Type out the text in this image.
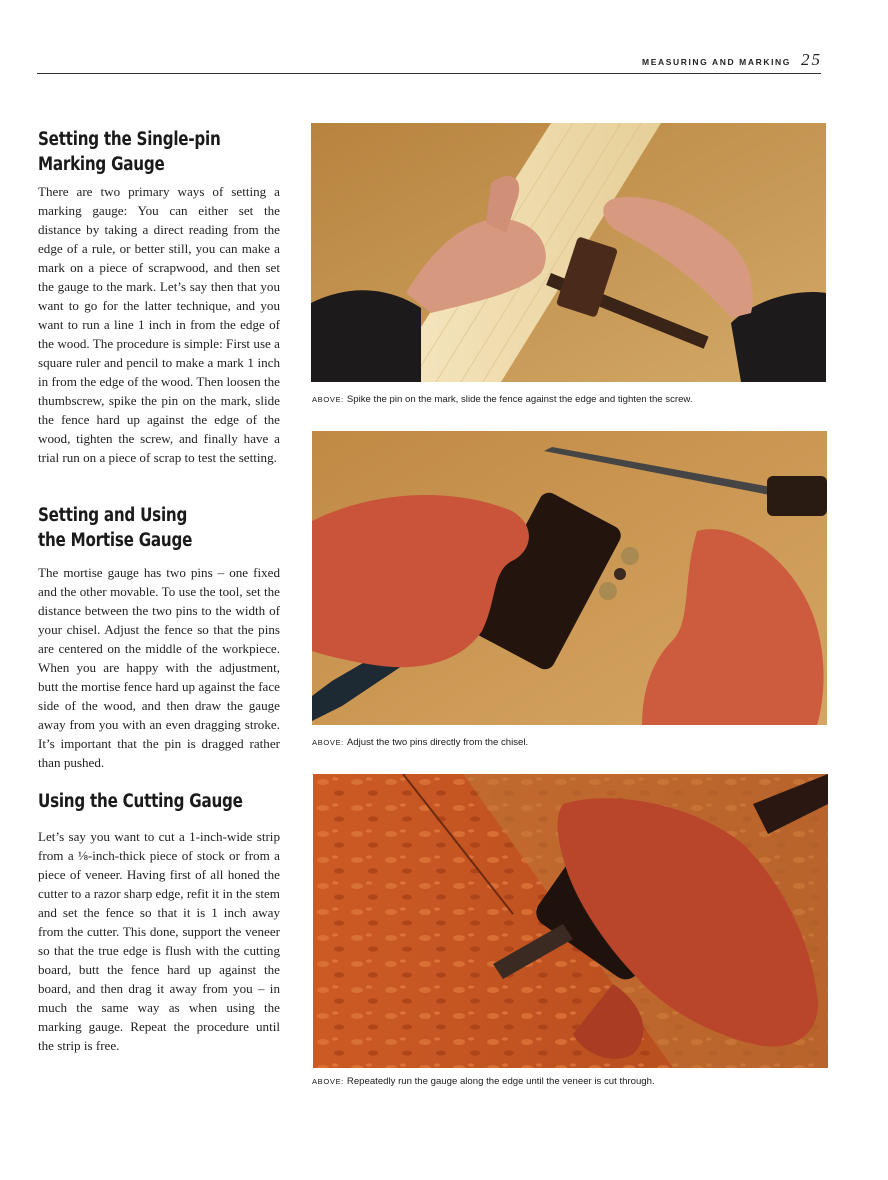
MEASURING AND MARKING 25
Setting the Single-pin
Marking Gauge

There are two primary ways of setting a marking gauge: You can either set the distance by taking a direct reading from the edge of a rule, or better still, you can make a mark on a piece of scrapwood, and then set the gauge to the mark. Let’s say then that you want to go for the latter technique, and you want to run a line 1 inch in from the edge of the wood. The procedure is simple: First use a square ruler and pencil to make a mark 1 inch in from the edge of the wood. Then loosen the thumbscrew, spike the pin on the mark, slide the fence hard up against the edge of the wood, tighten the screw, and finally have a trial run on a piece of scrap to test the setting.

Setting and Using
the Mortise Gauge

The mortise gauge has two pins – one fixed and the other movable. To use the tool, set the distance between the two pins to the width of your chisel. Adjust the fence so that the pins are centered on the middle of the workpiece. When you are happy with the adjustment, butt the mortise fence hard up against the face side of the wood, and then draw the gauge away from you with an even dragging stroke. It’s important that the pin is dragged rather than pushed.

Using the Cutting Gauge

Let’s say you want to cut a 1-inch-wide strip from a ⅛-inch-thick piece of stock or from a piece of veneer. Having first of all honed the cutter to a razor sharp edge, refit it in the stem and set the fence so that it is 1 inch away from the cutter. This done, support the veneer so that the true edge is flush with the cutting board, butt the fence hard up against the board, and then drag it away from you – in much the same way as when using the marking gauge. Repeat the procedure until the strip is free.

ABOVE: Spike the pin on the mark, slide the fence against the edge and tighten the screw.

ABOVE: Adjust the two pins directly from the chisel.

ABOVE: Repeatedly run the gauge along the edge until the veneer is cut through.
